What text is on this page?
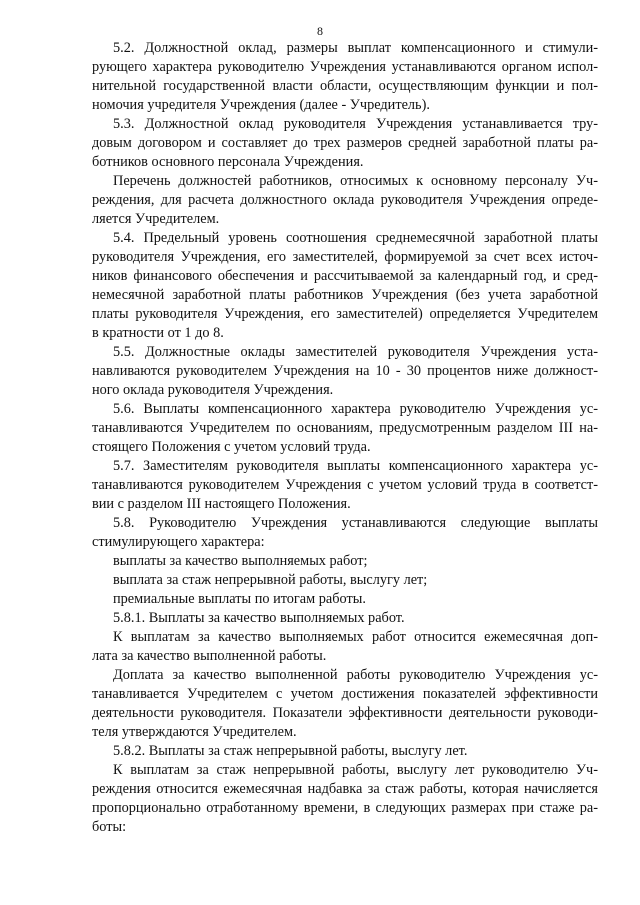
8
5.2. Должностной оклад, размеры выплат компенсационного и стимули-
рующего характера руководителю Учреждения устанавливаются органом испол-
нительной государственной власти области, осуществляющим функции и пол-
номочия учредителя Учреждения (далее - Учредитель).
5.3. Должностной оклад руководителя Учреждения устанавливается тру-
довым договором и составляет до трех размеров средней заработной платы ра-
ботников основного персонала Учреждения.
Перечень должностей работников, относимых к основному персоналу Уч-
реждения, для расчета должностного оклада руководителя Учреждения опреде-
ляется Учредителем.
5.4. Предельный уровень соотношения среднемесячной заработной платы
руководителя Учреждения, его заместителей, формируемой за счет всех источ-
ников финансового обеспечения и рассчитываемой за календарный год, и сред-
немесячной заработной платы работников Учреждения (без учета заработной
платы руководителя Учреждения, его заместителей) определяется Учредителем
в кратности от 1 до 8.
5.5. Должностные оклады заместителей руководителя Учреждения уста-
навливаются руководителем Учреждения на 10 - 30 процентов ниже должност-
ного оклада руководителя Учреждения.
5.6. Выплаты компенсационного характера руководителю Учреждения ус-
танавливаются Учредителем по основаниям, предусмотренным разделом III на-
стоящего Положения с учетом условий труда.
5.7. Заместителям руководителя выплаты компенсационного характера ус-
танавливаются руководителем Учреждения с учетом условий труда в соответст-
вии с разделом III настоящего Положения.
5.8. Руководителю Учреждения устанавливаются следующие выплаты
стимулирующего характера:
выплаты за качество выполняемых работ;
выплата за стаж непрерывной работы, выслугу лет;
премиальные выплаты по итогам работы.
5.8.1. Выплаты за качество выполняемых работ.
К выплатам за качество выполняемых работ относится ежемесячная доп-
лата за качество выполненной работы.
Доплата за качество выполненной работы руководителю Учреждения ус-
танавливается Учредителем с учетом достижения показателей эффективности
деятельности руководителя. Показатели эффективности деятельности руководи-
теля утверждаются Учредителем.
5.8.2. Выплаты за стаж непрерывной работы, выслугу лет.
К выплатам за стаж непрерывной работы, выслугу лет руководителю Уч-
реждения относится ежемесячная надбавка за стаж работы, которая начисляется
пропорционально отработанному времени, в следующих размерах при стаже ра-
боты:
